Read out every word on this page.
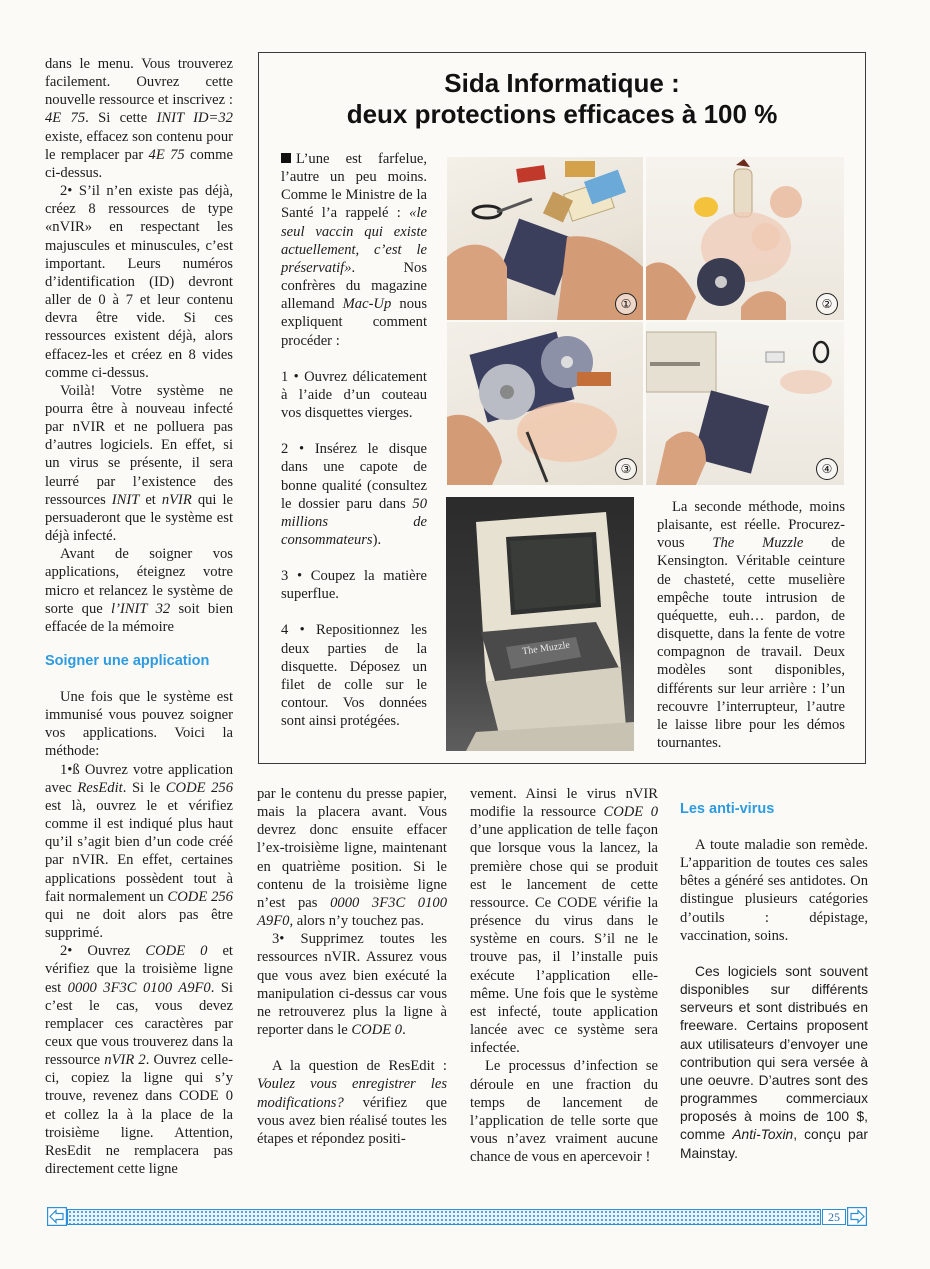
dans le menu. Vous trouverez facilement. Ouvrez cette nouvelle ressource et inscrivez : 4E 75. Si cette INIT ID=32 existe, effacez son contenu pour le remplacer par 4E 75 comme ci-dessus.

2• S’il n’en existe pas déjà, créez 8 ressources de type «nVIR» en respectant les majuscules et minuscules, c’est important. Leurs numéros d’identification (ID) devront aller de 0 à 7 et leur contenu devra être vide. Si ces ressources existent déjà, alors effacez-les et créez en 8 vides comme ci-dessus.

Voilà! Votre système ne pourra être à nouveau infecté par nVIR et ne polluera pas d’autres logiciels. En effet, si un virus se présente, il sera leurré par l’existence des ressources INIT et nVIR qui le persuaderont que le système est déjà infecté.

Avant de soigner vos applications, éteignez votre micro et relancez le système de sorte que l’INIT 32 soit bien effacée de la mémoire

Soigner une application

Une fois que le système est immunisé vous pouvez soigner vos applications. Voici la méthode:

1•ß Ouvrez votre application avec ResEdit. Si le CODE 256 est là, ouvrez le et vérifiez comme il est indiqué plus haut qu’il s’agit bien d’un code créé par nVIR. En effet, certaines applications possèdent tout à fait normalement un CODE 256 qui ne doit alors pas être supprimé.

2• Ouvrez CODE 0 et vérifiez que la troisième ligne est 0000 3F3C 0100 A9F0. Si c’est le cas, vous devez remplacer ces caractères par ceux que vous trouverez dans la ressource nVIR 2. Ouvrez celle-ci, copiez la ligne qui s’y trouve, revenez dans CODE 0 et collez la à la place de la troisième ligne. Attention, ResEdit ne remplacera pas directement cette ligne

Sida Informatique :
deux protections efficaces à 100 %

L’une est farfelue, l’autre un peu moins. Comme le Ministre de la Santé l’a rappelé : «le seul vaccin qui existe actuellement, c’est le préservatif». Nos confrères du magazine allemand Mac-Up nous expliquent comment procéder :

1 • Ouvrez délicatement à l’aide d’un couteau vos disquettes vierges.

2 • Insérez le disque dans une capote de bonne qualité (consultez le dossier paru dans 50 millions de consommateurs).

3 • Coupez la matière superflue.

4 • Repositionnez les deux parties de la disquette. Déposez un filet de colle sur le contour. Vos données sont ainsi protégées.

①	②
③	④
The Muzzle

La seconde méthode, moins plaisante, est réelle. Procurez-vous The Muzzle de Kensington. Véritable ceinture de chasteté, cette muselière empêche toute intrusion de quéquette, euh… pardon, de disquette, dans la fente de votre compagnon de travail. Deux modèles sont disponibles, différents sur leur arrière : l’un recouvre l’interrupteur, l’autre le laisse libre pour les démos tournantes.

par le contenu du presse papier, mais la placera avant. Vous devrez donc ensuite effacer l’ex-troisième ligne, maintenant en quatrième position. Si le contenu de la troisième ligne n’est pas 0000 3F3C 0100 A9F0, alors n’y touchez pas.

3• Supprimez toutes les ressources nVIR. Assurez vous que vous avez bien exécuté la manipulation ci-dessus car vous ne retrouverez plus la ligne à reporter dans le CODE 0.

A la question de ResEdit : Voulez vous enregistrer les modifications? vérifiez que vous avez bien réalisé toutes les étapes et répondez positi-

vement. Ainsi le virus nVIR modifie la ressource CODE 0 d’une application de telle façon que lorsque vous la lancez, la première chose qui se produit est le lancement de cette ressource. Ce CODE vérifie la présence du virus dans le système en cours. S’il ne le trouve pas, il l’installe puis exécute l’application elle-même. Une fois que le système est infecté, toute application lancée avec ce système sera infectée.

Le processus d’infection se déroule en une fraction du temps de lancement de l’application de telle sorte que vous n’avez vraiment aucune chance de vous en apercevoir !

Les anti-virus

A toute maladie son remède. L’apparition de toutes ces sales bêtes a généré ses antidotes. On distingue plusieurs catégories d’outils : dépistage, vaccination, soins.

Ces logiciels sont souvent disponibles sur différents serveurs et sont distribués en freeware. Certains proposent aux utilisateurs d’envoyer une contribution qui sera versée à une oeuvre. D’autres sont des programmes commerciaux proposés à moins de 100 $, comme Anti-Toxin, conçu par Mainstay.

25
